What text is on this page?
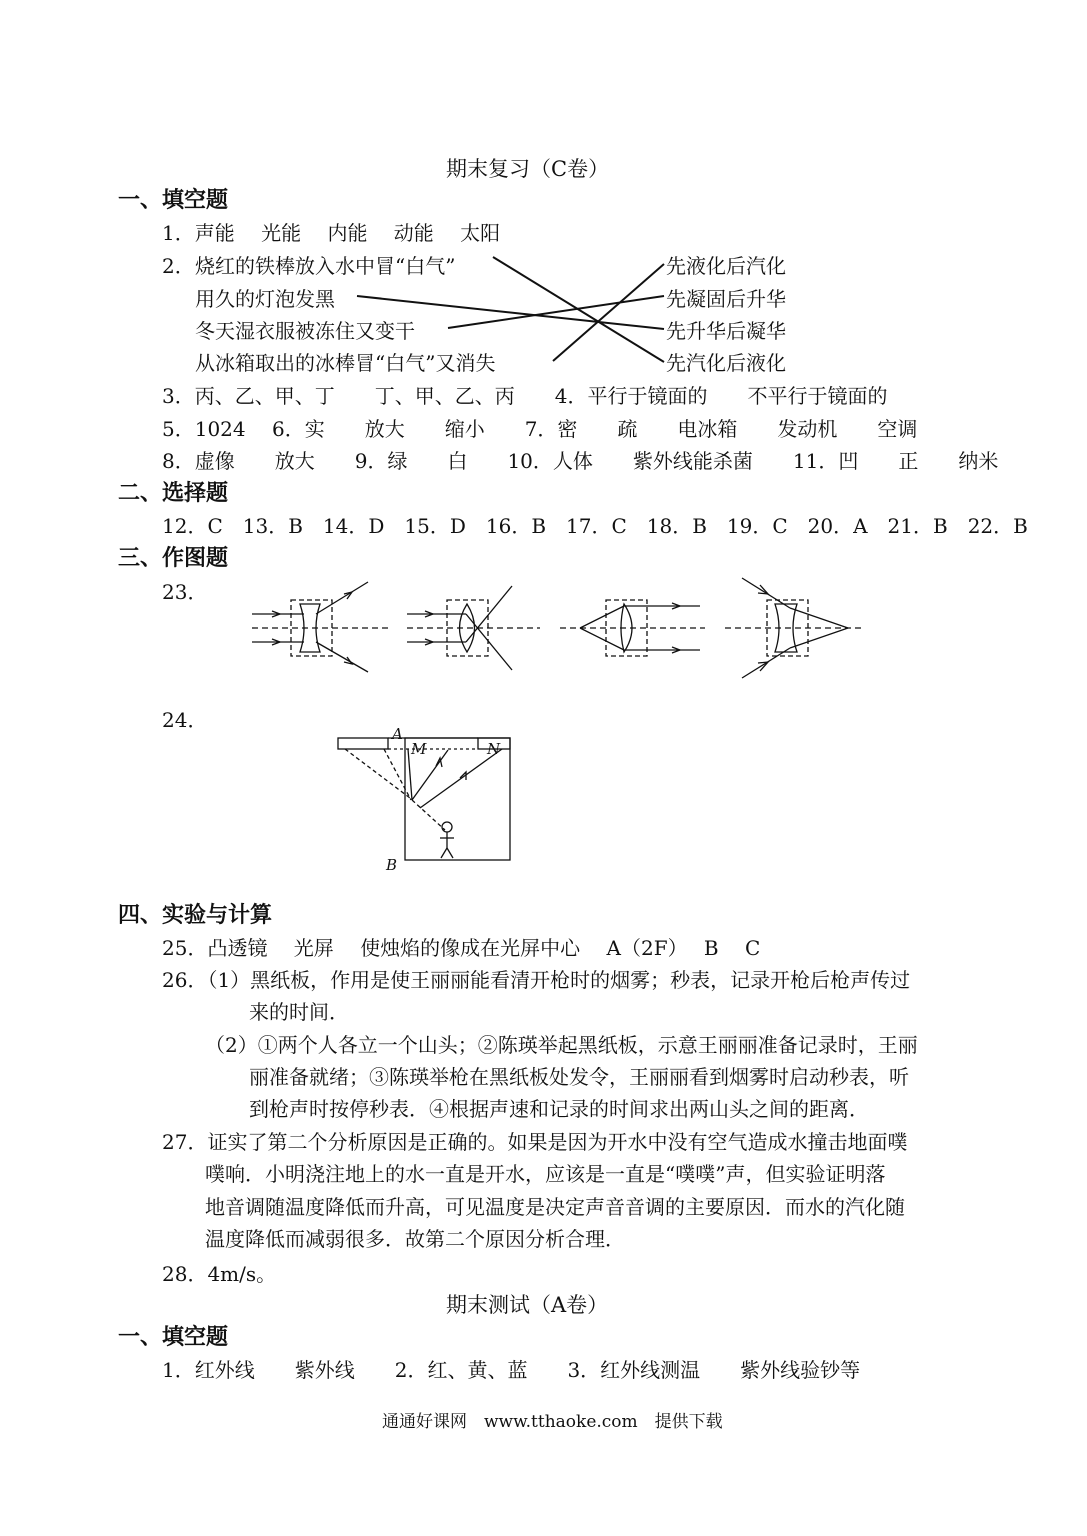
期末复习（C卷）
一、填空题
1．声能　 光能　 内能　 动能　 太阳
2． 烧红的铁棒放入水中冒“白气”
用久的灯泡发黑
冬天湿衣服被冻住又变干
从冰箱取出的冰棒冒“白气”又消失
先液化后汽化
先凝固后升华
先升华后凝华
先汽化后液化
3．丙、乙、甲、丁　　丁、甲、乙、丙　　4．平行于镜面的　　不平行于镜面的
5．1024　 6．实　　放大　　缩小　　7．密　　疏　　电冰箱　　发动机　　空调
8．虚像　　放大　　9．绿　　白　　10．人体　　紫外线能杀菌　　11．凹　　正　　纳米
二、选择题
12．C　13．B　14．D　15．D　16．B　17．C　18．B　19．C　20．A　21．B　22．B
三、作图题
23．
24．
A
M	N
B
四、实验与计算
25．凸透镜　 光屏　 使烛焰的像成在光屏中心　 A（2F）　 B　 C
26．（1）黑纸板，作用是使王丽丽能看清开枪时的烟雾；秒表，记录开枪后枪声传过
来的时间．
（2）①两个人各立一个山头；②陈瑛举起黑纸板，示意王丽丽准备记录时，王丽
丽准备就绪；③陈瑛举枪在黑纸板处发令，王丽丽看到烟雾时启动秒表，听
到枪声时按停秒表．④根据声速和记录的时间求出两山头之间的距离．
27．证实了第二个分析原因是正确的。如果是因为开水中没有空气造成水撞击地面噗
噗响．小明浇注地上的水一直是开水，应该是一直是“噗噗”声，但实验证明落
地音调随温度降低而升高，可见温度是决定声音音调的主要原因．而水的汽化随
温度降低而减弱很多．故第二个原因分析合理．
28．4m/s。
期末测试（A卷）
一、填空题
1．红外线　　紫外线　　2．红、黄、蓝　　3．红外线测温　　紫外线验钞等
通通好课网　www.tthaoke.com　提供下载
